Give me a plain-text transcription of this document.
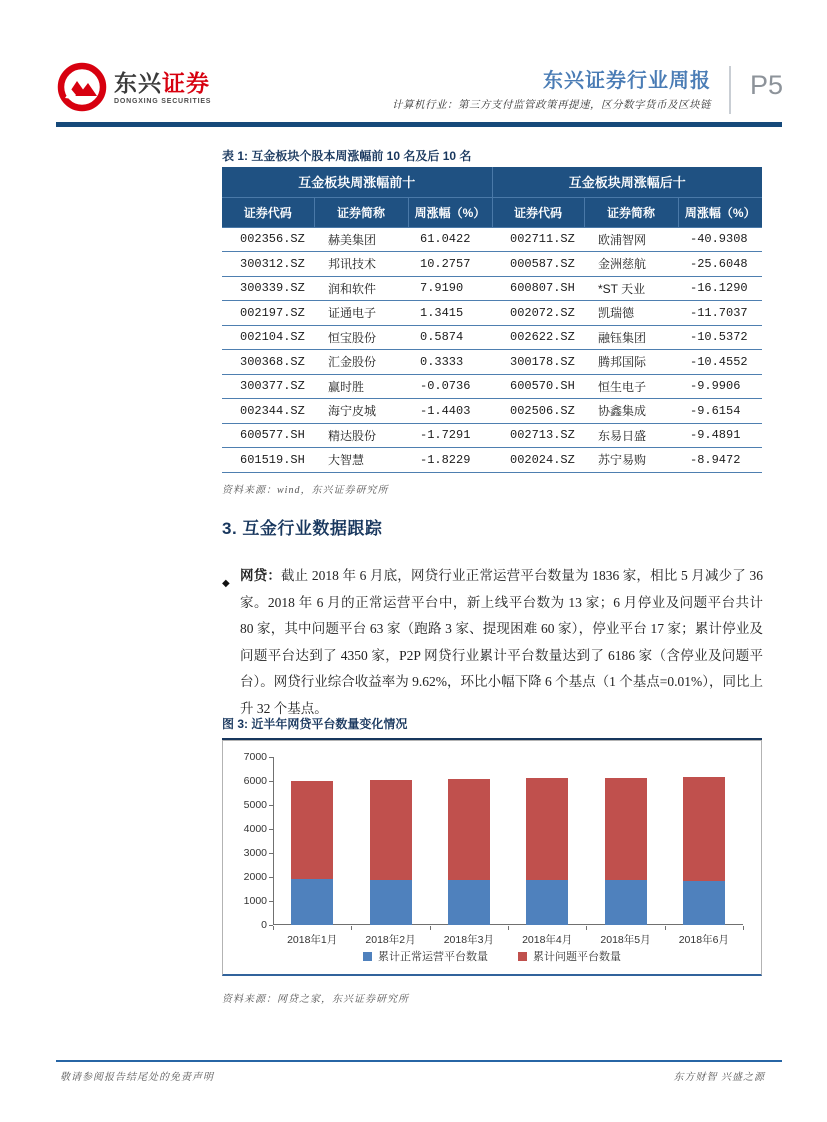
东兴证券
DONGXING SECURITIES
东兴证券行业周报
计算机行业：第三方支付监管政策再提速，区分数字货币及区块链
P5
表 1: 互金板块个股本周涨幅前 10 名及后 10 名
互金板块周涨幅前十			互金板块周涨幅后十		
证券代码	证券简称	周涨幅（%）	证券代码	证券简称	周涨幅（%）
002356.SZ	赫美集团	61.0422	002711.SZ	欧浦智网	-40.9308
300312.SZ	邦讯技术	10.2757	000587.SZ	金洲慈航	-25.6048
300339.SZ	润和软件	7.9190	600807.SH	*ST 天业	-16.1290
002197.SZ	证通电子	1.3415	002072.SZ	凯瑞德	-11.7037
002104.SZ	恒宝股份	0.5874	002622.SZ	融钰集团	-10.5372
300368.SZ	汇金股份	0.3333	300178.SZ	腾邦国际	-10.4552
300377.SZ	赢时胜	-0.0736	600570.SH	恒生电子	-9.9906
002344.SZ	海宁皮城	-1.4403	002506.SZ	协鑫集成	-9.6154
600577.SH	精达股份	-1.7291	002713.SZ	东易日盛	-9.4891
601519.SH	大智慧	-1.8229	002024.SZ	苏宁易购	-8.9472
资料来源：wind，东兴证券研究所
3. 互金行业数据跟踪
◆
网贷：截止 2018 年 6 月底，网贷行业正常运营平台数量为 1836 家，相比 5 月减少了 36 家。2018 年 6 月的正常运营平台中，新上线平台数为 13 家；6 月停业及问题平台共计 80 家，其中问题平台 63 家（跑路 3 家、提现困难 60 家），停业平台 17 家；累计停业及问题平台达到了 4350 家，P2P 网贷行业累计平台数量达到了 6186 家（含停业及问题平台）。网贷行业综合收益率为 9.62%，环比小幅下降 6 个基点（1 个基点=0.01%），同比上升 32 个基点。
图 3: 近半年网贷平台数量变化情况
累计正常运营平台数量	累计问题平台数量
0
1000
2000
3000
4000
5000
6000
7000
2018年1月	2018年2月	2018年3月	2018年4月	2018年5月	2018年6月
资料来源：网贷之家，东兴证券研究所
敬请参阅报告结尾处的免责声明	东方财智 兴盛之源
